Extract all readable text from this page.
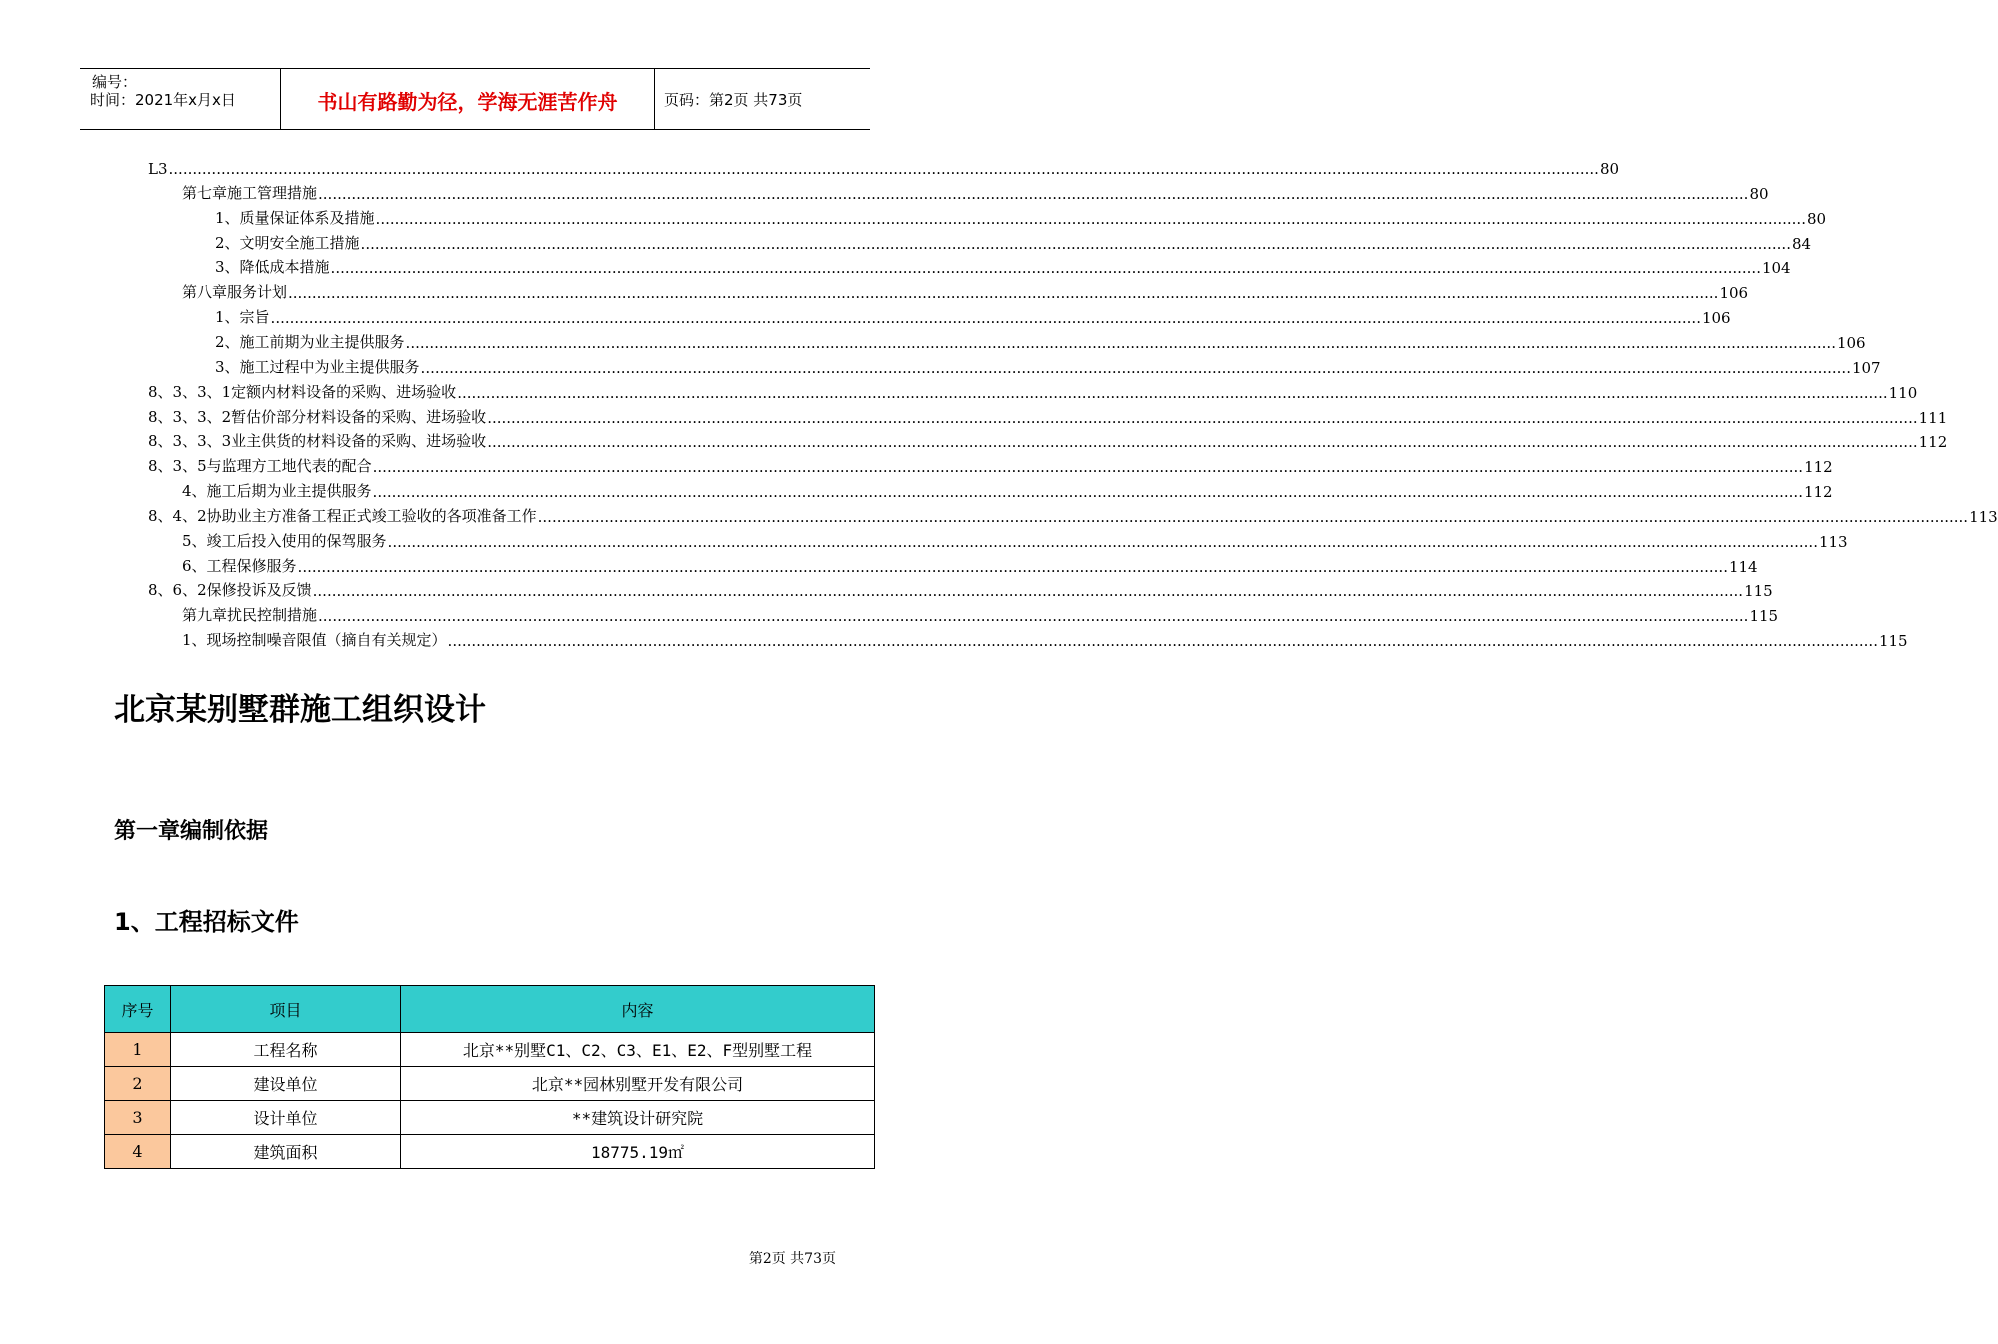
编号：
时间：2021年x月x日	书山有路勤为径，学海无涯苦作舟	页码：第2页 共73页
L3 ............................................................................................................................................................................................................................................................................................................ 80
第七章施工管理措施 ............................................................................................................................................................................................................................................................................................................ 80
1、质量保证体系及措施 ............................................................................................................................................................................................................................................................................................................ 80
2、文明安全施工措施 ............................................................................................................................................................................................................................................................................................................ 84
3、降低成本措施 ............................................................................................................................................................................................................................................................................................................ 104
第八章服务计划 ............................................................................................................................................................................................................................................................................................................ 106
1、宗旨 ............................................................................................................................................................................................................................................................................................................ 106
2、施工前期为业主提供服务 ............................................................................................................................................................................................................................................................................................................ 106
3、施工过程中为业主提供服务 ............................................................................................................................................................................................................................................................................................................ 107
8、3、3、1定额内材料设备的采购、进场验收 ............................................................................................................................................................................................................................................................................................................ 110
8、3、3、2暂估价部分材料设备的采购、进场验收 ............................................................................................................................................................................................................................................................................................................ 111
8、3、3、3业主供货的材料设备的采购、进场验收 ............................................................................................................................................................................................................................................................................................................ 112
8、3、5与监理方工地代表的配合 ............................................................................................................................................................................................................................................................................................................ 112
4、施工后期为业主提供服务 ............................................................................................................................................................................................................................................................................................................ 112
8、4、2协助业主方准备工程正式竣工验收的各项准备工作 ............................................................................................................................................................................................................................................................................................................ 113
5、竣工后投入使用的保驾服务 ............................................................................................................................................................................................................................................................................................................ 113
6、工程保修服务 ............................................................................................................................................................................................................................................................................................................ 114
8、6、2保修投诉及反馈 ............................................................................................................................................................................................................................................................................................................ 115
第九章扰民控制措施 ............................................................................................................................................................................................................................................................................................................ 115
1、现场控制噪音限值（摘自有关规定） ............................................................................................................................................................................................................................................................................................................ 115
北京某别墅群施工组织设计
第一章编制依据
1、工程招标文件
序号	项目	内容
1	工程名称	北京**别墅C1、C2、C3、E1、E2、F型别墅工程
2	建设单位	北京**园林别墅开发有限公司
3	设计单位	**建筑设计研究院
4	建筑面积	18775.19㎡
第2页 共73页
